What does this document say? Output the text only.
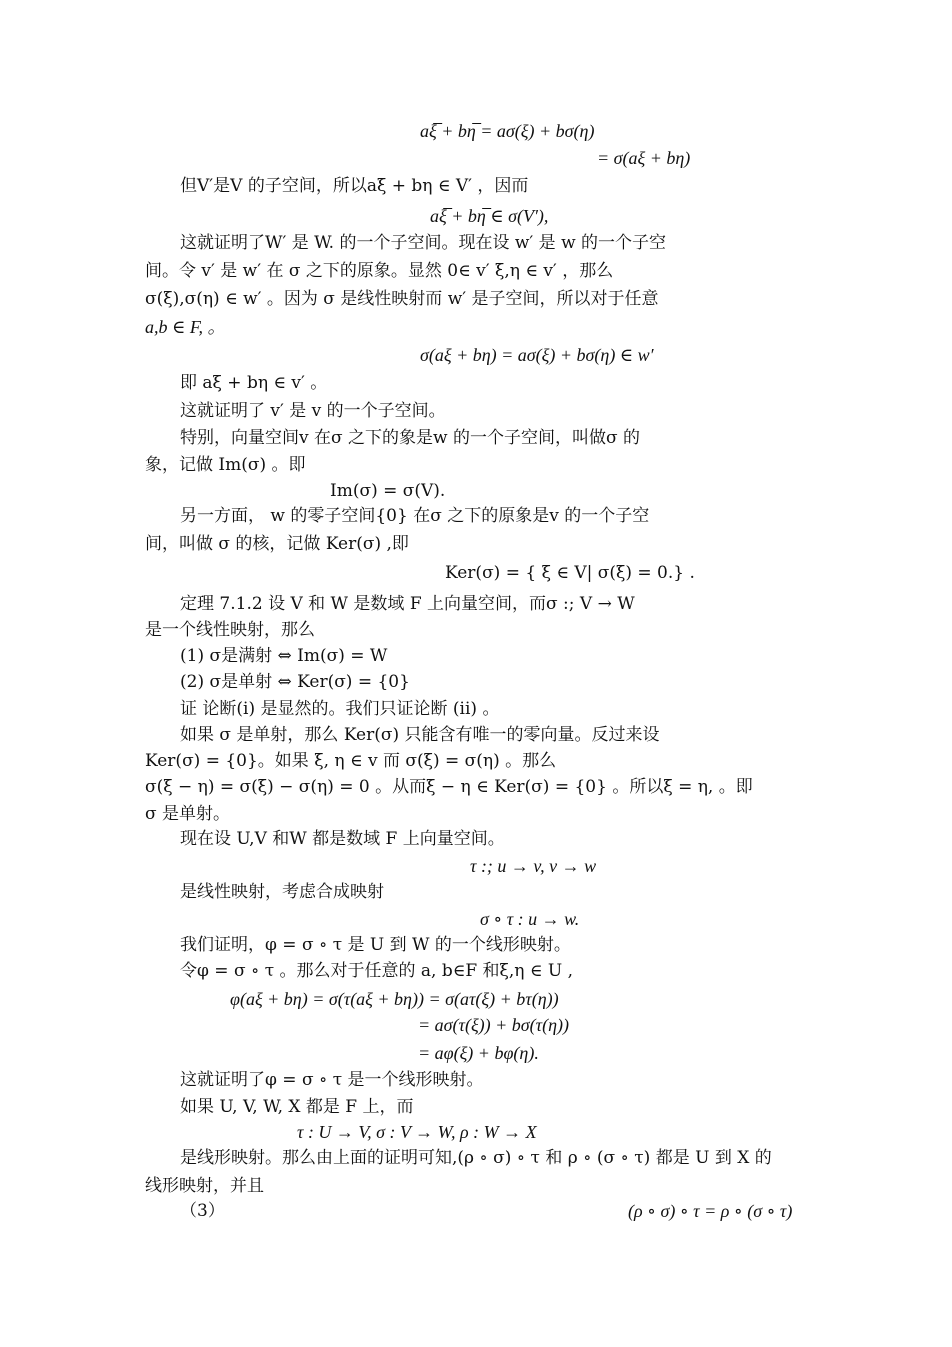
aξ̅ + bη̅ = aσ(ξ) + bσ(η)
= σ(aξ + bη)
但V′是V 的子空间，所以aξ + bη ∈ V′ ，因而
aξ̅ + bη̅ ∈ σ(V′),
这就证明了W′ 是 W. 的一个子空间。现在设 w′ 是 w 的一个子空
间。令 v′ 是 w′ 在 σ 之下的原象。显然 0∈ v′ ξ,η ∈ v′ ，那么
σ(ξ),σ(η) ∈ w′ 。因为 σ 是线性映射而 w′ 是子空间，所以对于任意
a,b ∈ F, 。
σ(aξ + bη) = aσ(ξ) + bσ(η) ∈ w′
即 aξ + bη ∈ v′ 。
这就证明了 v′ 是 v 的一个子空间。
特别，向量空间v 在σ 之下的象是w 的一个子空间，叫做σ 的
象，记做 Im(σ) 。即
Im(σ) = σ(V).
另一方面， w 的零子空间{0} 在σ 之下的原象是v 的一个子空
间，叫做 σ 的核，记做 Ker(σ) ,即
Ker(σ) = { ξ ∈ V| σ(ξ) = 0.} .
定理 7.1.2 设 V 和 W 是数域 F 上向量空间，而σ :; V → W
是一个线性映射，那么
(1) σ是满射 ⇔ Im(σ) = W
(2) σ是单射 ⇔ Ker(σ) = {0}
证 论断(i) 是显然的。我们只证论断 (ii) 。
如果 σ 是单射，那么 Ker(σ) 只能含有唯一的零向量。反过来设
Ker(σ) = {0}。如果 ξ, η ∈ v 而 σ(ξ) = σ(η) 。那么
σ(ξ − η) = σ(ξ) − σ(η) = 0 。从而ξ − η ∈ Ker(σ) = {0} 。所以ξ = η, 。即
σ 是单射。
现在设 U,V 和W 都是数域 F 上向量空间。
τ :; u → v, v → w
是线性映射，考虑合成映射
σ ∘ τ : u → w.
我们证明，φ = σ ∘ τ 是 U 到 W 的一个线形映射。
令φ = σ ∘ τ 。那么对于任意的 a, b∈F 和ξ,η ∈ U ,
φ(aξ + bη) = σ(τ(aξ + bη)) = σ(aτ(ξ) + bτ(η))
= aσ(τ(ξ)) + bσ(τ(η))
= aφ(ξ) + bφ(η).
这就证明了φ = σ ∘ τ 是一个线形映射。
如果 U, V, W, X 都是 F 上，而
τ : U → V, σ : V → W, ρ : W → X
是线形映射。那么由上面的证明可知,(ρ ∘ σ) ∘ τ 和 ρ ∘ (σ ∘ τ) 都是 U 到 X 的
线形映射，并且
（3）	(ρ ∘ σ) ∘ τ = ρ ∘ (σ ∘ τ)
